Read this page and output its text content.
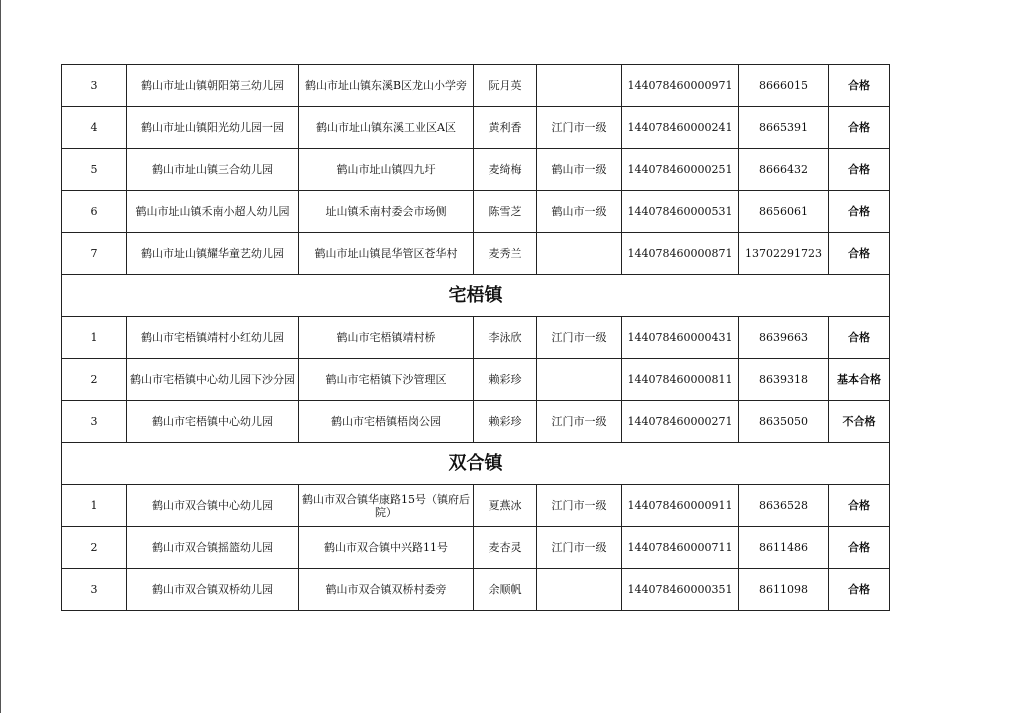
3	鹤山市址山镇朝阳第三幼儿园	鹤山市址山镇东溪B区龙山小学旁	阮月英		144078460000971	8666015	合格
4	鹤山市址山镇阳光幼儿园一园	鹤山市址山镇东溪工业区A区	黄利香	江门市一级	144078460000241	8665391	合格
5	鹤山市址山镇三合幼儿园	鹤山市址山镇四九圩	麦绮梅	鹤山市一级	144078460000251	8666432	合格
6	鹤山市址山镇禾南小超人幼儿园	址山镇禾南村委会市场侧	陈雪芝	鹤山市一级	144078460000531	8656061	合格
7	鹤山市址山镇耀华童艺幼儿园	鹤山市址山镇昆华管区苍华村	麦秀兰		144078460000871	13702291723	合格
宅梧镇							
1	鹤山市宅梧镇靖村小红幼儿园	鹤山市宅梧镇靖村桥	李泳欣	江门市一级	144078460000431	8639663	合格
2	鹤山市宅梧镇中心幼儿园下沙分园	鹤山市宅梧镇下沙管理区	赖彩珍		144078460000811	8639318	基本合格
3	鹤山市宅梧镇中心幼儿园	鹤山市宅梧镇梧岗公园	赖彩珍	江门市一级	144078460000271	8635050	不合格
双合镇							
1	鹤山市双合镇中心幼儿园	鹤山市双合镇华康路15号（镇府后院）	夏燕冰	江门市一级	144078460000911	8636528	合格
2	鹤山市双合镇摇篮幼儿园	鹤山市双合镇中兴路11号	麦杏灵	江门市一级	144078460000711	8611486	合格
3	鹤山市双合镇双桥幼儿园	鹤山市双合镇双桥村委旁	余顺帆		144078460000351	8611098	合格
